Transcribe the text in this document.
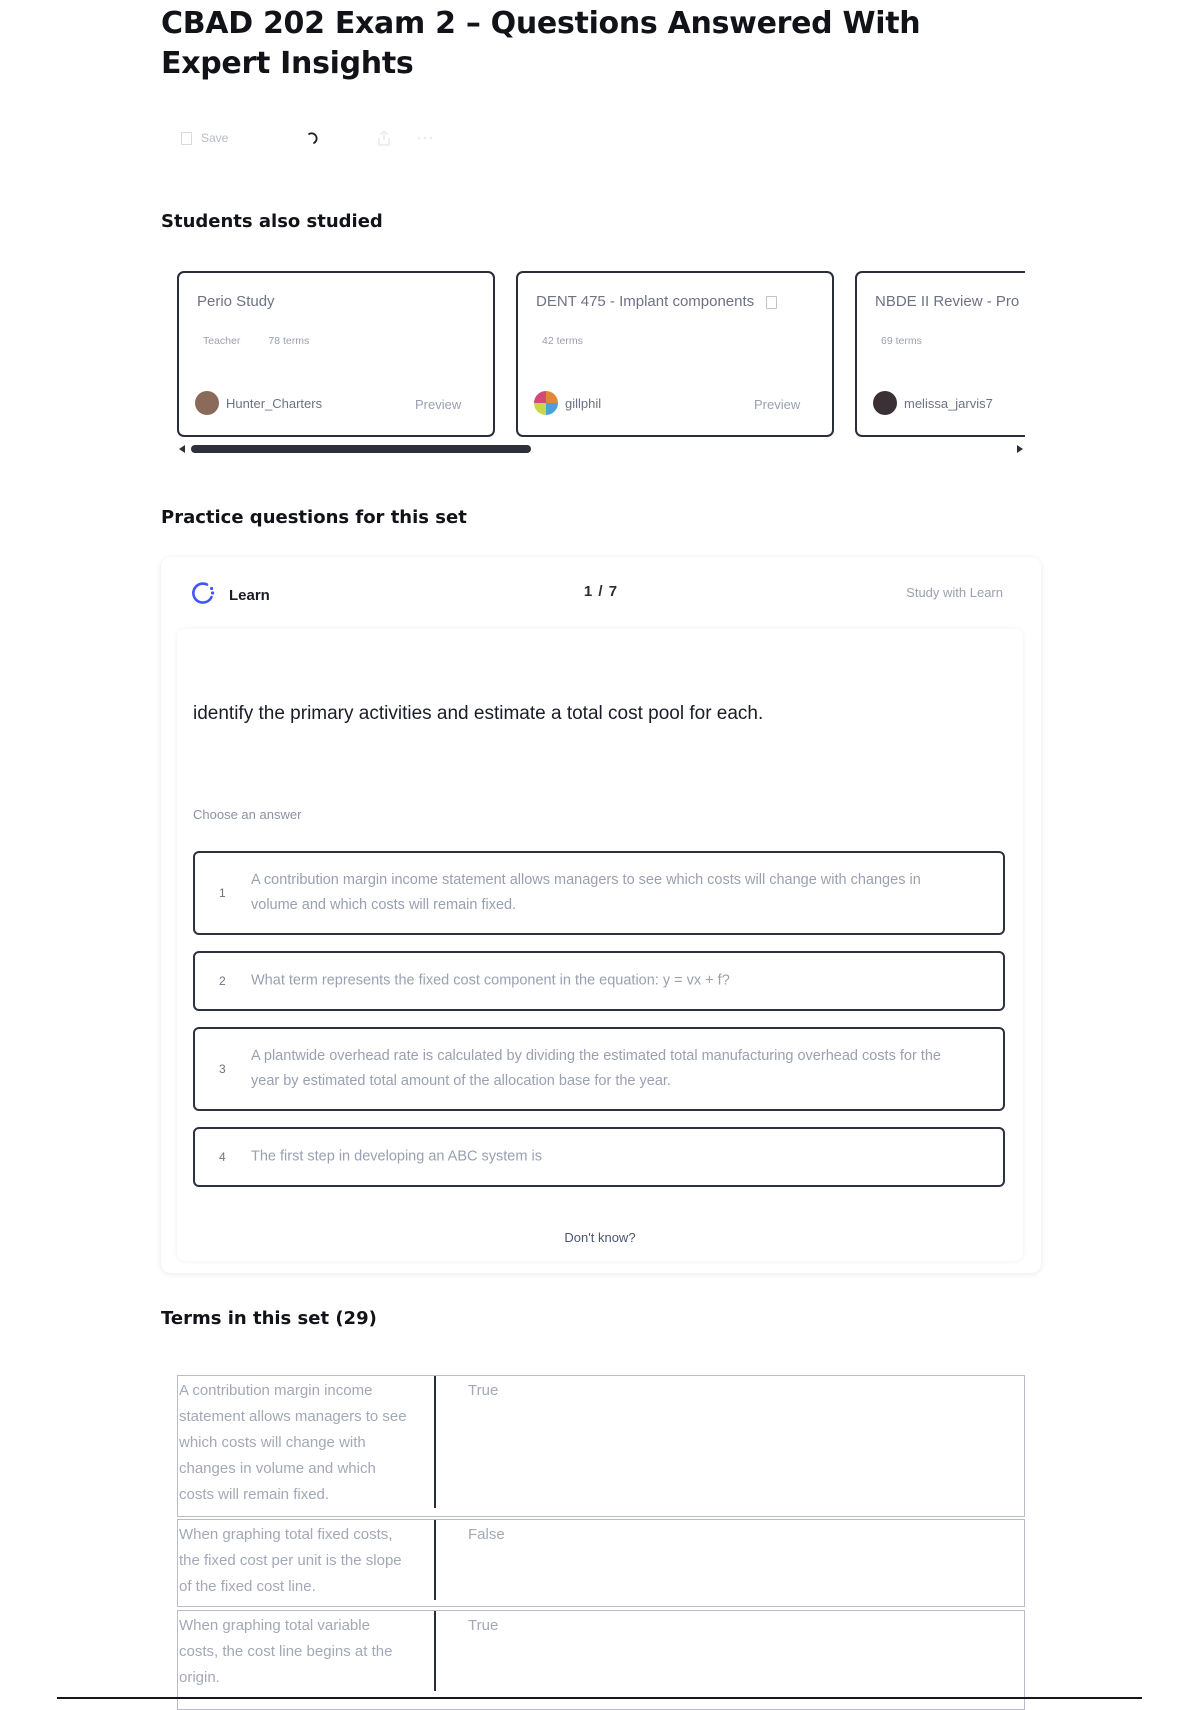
CBAD 202 Exam 2 – Questions Answered With Expert Insights
Save
Students also studied
Perio Study
Teacher	78 terms
Hunter_Charters	Preview
DENT 475 - Implant components
42 terms
gillphil	Preview
NBDE II Review - Pro
69 terms
melissa_jarvis7
Practice questions for this set
Learn	1 / 7	Study with Learn
identify the primary activities and estimate a total cost pool for each.
Choose an answer
1
A contribution margin income statement allows managers to see which costs will change with changes in volume and which costs will remain fixed.
2 What term represents the fixed cost component in the equation: y = vx + f?
3
A plantwide overhead rate is calculated by dividing the estimated total manufacturing overhead costs for the year by estimated total amount of the allocation base for the year.
4 The first step in developing an ABC system is
Don't know?
Terms in this set (29)
A contribution margin income statement allows managers to see which costs will change with changes in volume and which costs will remain fixed.
True
When graphing total fixed costs, the fixed cost per unit is the slope of the fixed cost line.
False
When graphing total variable costs, the cost line begins at the origin.
True
